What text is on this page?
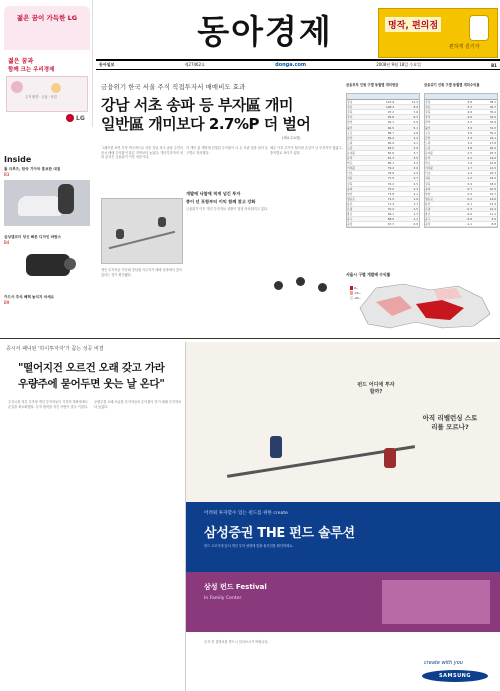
젊은 꿈이 가득한 LG
젊은 꿈과
함께 크는 우리경제
주거 환경 · 금융 · 산업
LG
동아경제	명작, 편의점
편하게 즐기자
동아일보	제27462호	donga.com	2008년 9월 18일 수요일	B1
Inside
톰 크루즈, 한국 기아차 홍보한 대접
B3
삼성캠코더 당신 빠른 디자인 바람스
B4
카드사 추석 혜택 놓치지 마세요
B9
금융위기 한국 서울 주식 직접투자서 매매비도 효과
강남 서초 송파 등 부자區 개미
일반區 개미보다 2.7%P 더 벌어
(제4 수4결)
그래프를 보면 투자 적극적으로 서울 강남 서초 송파 주민의 증시 매매 수익률이 다른 지역보다 높았다. 개인투자자의 성과 분석은 금융위기 이후 처음이다.
개인 투자자들 가운데 강남권 거주자가 매매 성과에서 앞서 있다는 것이 확인됐다.
각 개인 관 개발계 진정된 수익률이 너 무 가관 것을 알리 등 구별로 정리했다.
개발에 낙찰에 적게 넘긴 투자
종이 넌 포함부터 이익 함께 찾고 강화
금융위기 이후 개인 투자자들 상황이 점점 어려워지고 있다.
매수 이후 주가가 떨어져 손실이 난 투자자가 많았고, 종목별로 차이가 컸다.
금융투자 인원 구별 동월별 개미현금	금융위기 인원 구별 동월별 개미수익률
강남	143.9	11.4
강동	108.4	8.9
강북	97.2	7.6
강서	95.8	6.3
관악	92.1	5.9
광진	90.5	5.1
구로	88.7	4.8
금천	86.2	4.4
노원	85.9	4.1
도봉	84.0	3.9
동대문	82.6	3.7
동작	81.3	3.5
마포	80.1	3.2
서대문	79.4	3.0
서초	78.8	2.9
성동	77.5	2.7
성북	76.2	2.5
송파	75.0	2.3
양천	73.8	2.1
영등포	72.5	1.9
용산	71.4	1.7
은평	70.2	1.5
종로	69.1	1.3
중구	68.0	1.1
중랑	67.3	0.9
강남	5.8	38.1
강동	5.3	36.7
강북	4.9	35.2
강서	4.6	34.0
관악	4.2	32.9
광진	3.9	31.5
구로	3.6	30.2
금천	3.3	29.1
노원	3.0	27.8
도봉	2.8	26.4
동대문	2.5	25.3
동작	2.2	24.0
마포	1.9	22.8
서대문	1.7	21.5
서초	1.4	20.3
성동	1.2	19.2
성북	0.9	18.0
송파	0.7	16.9
양천	0.4	15.7
영등포	0.2	14.6
용산	-0.1	13.4
은평	-0.3	12.2
종로	-0.6	11.1
중구	-0.8	9.9
중랑	-1.1	8.8
서울시 구별 개발배 수익률
0~
-10~
-20~
증시서 패닉된 '하이투자자'가 꼼는 성공 비결
"떨어지건 오르건 오래 갖고 가라
우량주에 묻어두면 웃는 날 온다"
주식시장 지킨 투자형 개인 투자자들이 기록적 하락장에도 손실을 최소화했다. 투자 원칙을 지킨 사람이 결국 이겼다.
우량주를 오래 보유한 투자자들의 수익률이 단기 매매 투자자보다 높았다.
펀드 어디에 투자할까?
아직 리밸런싱 스토리를 모르나?
어려워 투자할수 있는 펀드를 위한 create
삼성증권 THE 펀드 솔루션
펀드 고르기에 앞서 개인 투자 성향에 맞춘 솔루션을 확인하세요.
삼성 펀드 Festival
In Family Center
투자 전 설명서를 반드시 읽어보시기 바랍니다.
create with you
SAMSUNG
